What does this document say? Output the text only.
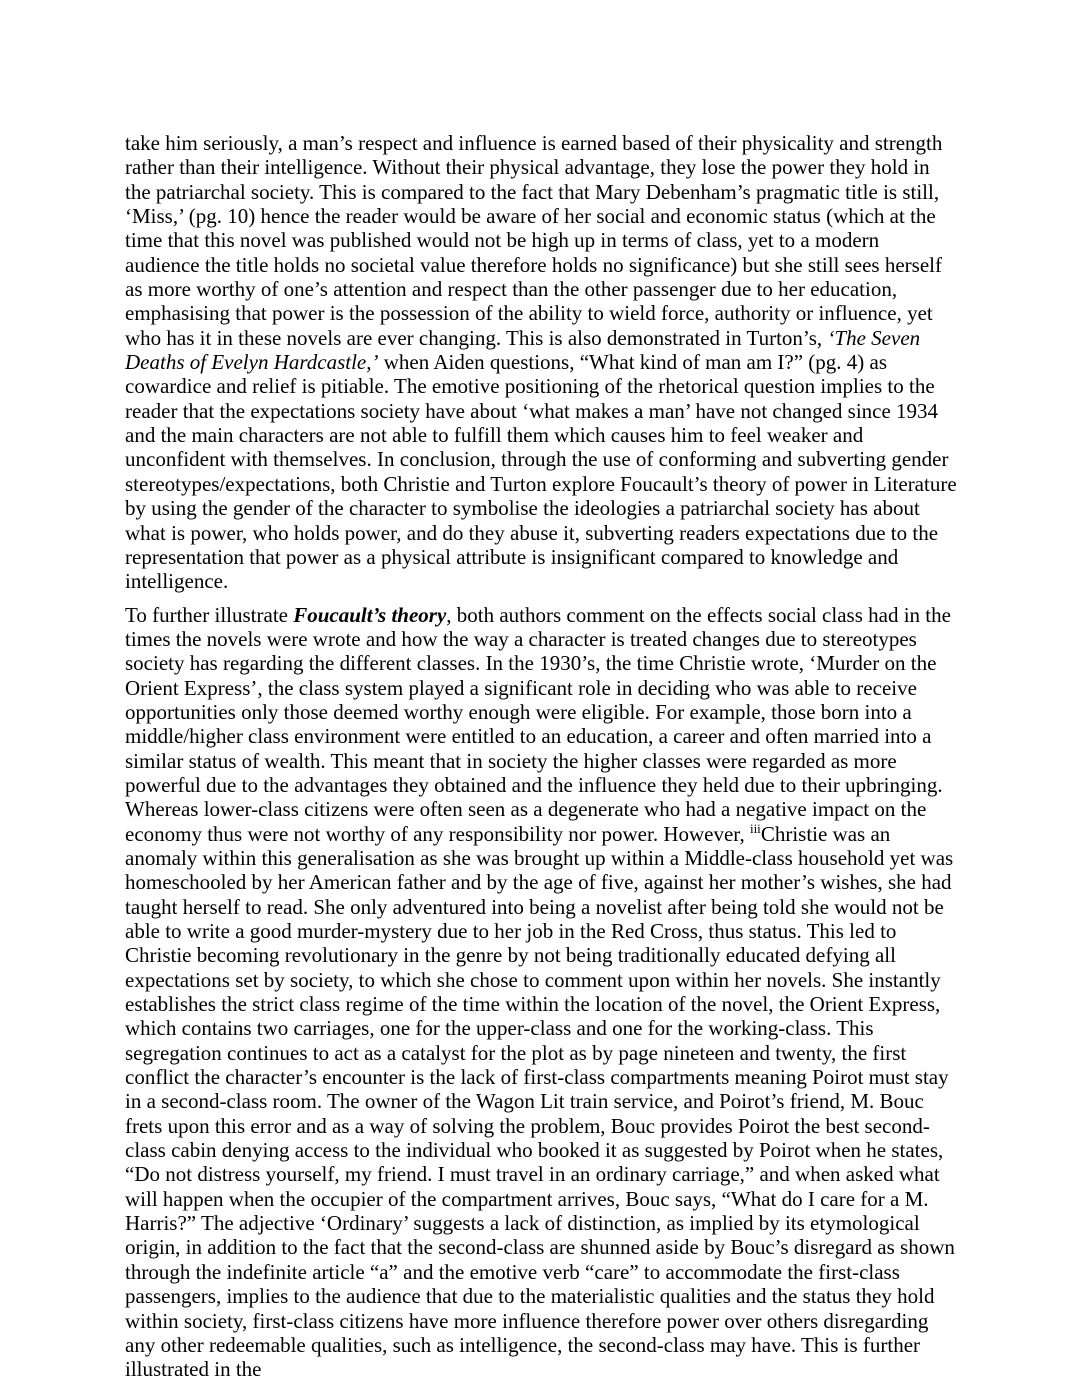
take him seriously, a man’s respect and influence is earned based of their physicality and strength rather than their intelligence. Without their physical advantage, they lose the power they hold in the patriarchal society. This is compared to the fact that Mary Debenham’s pragmatic title is still, ‘Miss,’ (pg. 10) hence the reader would be aware of her social and economic status (which at the time that this novel was published would not be high up in terms of class, yet to a modern audience the title holds no societal value therefore holds no significance) but she still sees herself as more worthy of one’s attention and respect than the other passenger due to her education, emphasising that power is the possession of the ability to wield force, authority or influence, yet who has it in these novels are ever changing. This is also demonstrated in Turton’s, ‘The Seven Deaths of Evelyn Hardcastle,’ when Aiden questions, “What kind of man am I?” (pg. 4) as cowardice and relief is pitiable. The emotive positioning of the rhetorical question implies to the reader that the expectations society have about ‘what makes a man’ have not changed since 1934 and the main characters are not able to fulfill them which causes him to feel weaker and unconfident with themselves. In conclusion, through the use of conforming and subverting gender stereotypes/expectations, both Christie and Turton explore Foucault’s theory of power in Literature by using the gender of the character to symbolise the ideologies a patriarchal society has about what is power, who holds power, and do they abuse it, subverting readers expectations due to the representation that power as a physical attribute is insignificant compared to knowledge and intelligence.

To further illustrate Foucault’s theory, both authors comment on the effects social class had in the times the novels were wrote and how the way a character is treated changes due to stereotypes society has regarding the different classes. In the 1930’s, the time Christie wrote, ‘Murder on the Orient Express’, the class system played a significant role in deciding who was able to receive opportunities only those deemed worthy enough were eligible. For example, those born into a middle/higher class environment were entitled to an education, a career and often married into a similar status of wealth. This meant that in society the higher classes were regarded as more powerful due to the advantages they obtained and the influence they held due to their upbringing. Whereas lower-class citizens were often seen as a degenerate who had a negative impact on the economy thus were not worthy of any responsibility nor power. However, $^{iii}$Christie was an anomaly within this generalisation as she was brought up within a Middle-class household yet was homeschooled by her American father and by the age of five, against her mother’s wishes, she had taught herself to read. She only adventured into being a novelist after being told she would not be able to write a good murder-mystery due to her job in the Red Cross, thus status. This led to Christie becoming revolutionary in the genre by not being traditionally educated defying all expectations set by society, to which she chose to comment upon within her novels. She instantly establishes the strict class regime of the time within the location of the novel, the Orient Express, which contains two carriages, one for the upper-class and one for the working-class. This segregation continues to act as a catalyst for the plot as by page nineteen and twenty, the first conflict the character’s encounter is the lack of first-class compartments meaning Poirot must stay in a second-class room. The owner of the Wagon Lit train service, and Poirot’s friend, M. Bouc frets upon this error and as a way of solving the problem, Bouc provides Poirot the best second-class cabin denying access to the individual who booked it as suggested by Poirot when he states, “Do not distress yourself, my friend. I must travel in an ordinary carriage,” and when asked what will happen when the occupier of the compartment arrives, Bouc says, “What do I care for a M. Harris?” The adjective ‘Ordinary’ suggests a lack of distinction, as implied by its etymological origin, in addition to the fact that the second-class are shunned aside by Bouc’s disregard as shown through the indefinite article “a” and the emotive verb “care” to accommodate the first-class passengers, implies to the audience that due to the materialistic qualities and the status they hold within society, first-class citizens have more influence therefore power over others disregarding any other redeemable qualities, such as intelligence, the second-class may have. This is further illustrated in the
